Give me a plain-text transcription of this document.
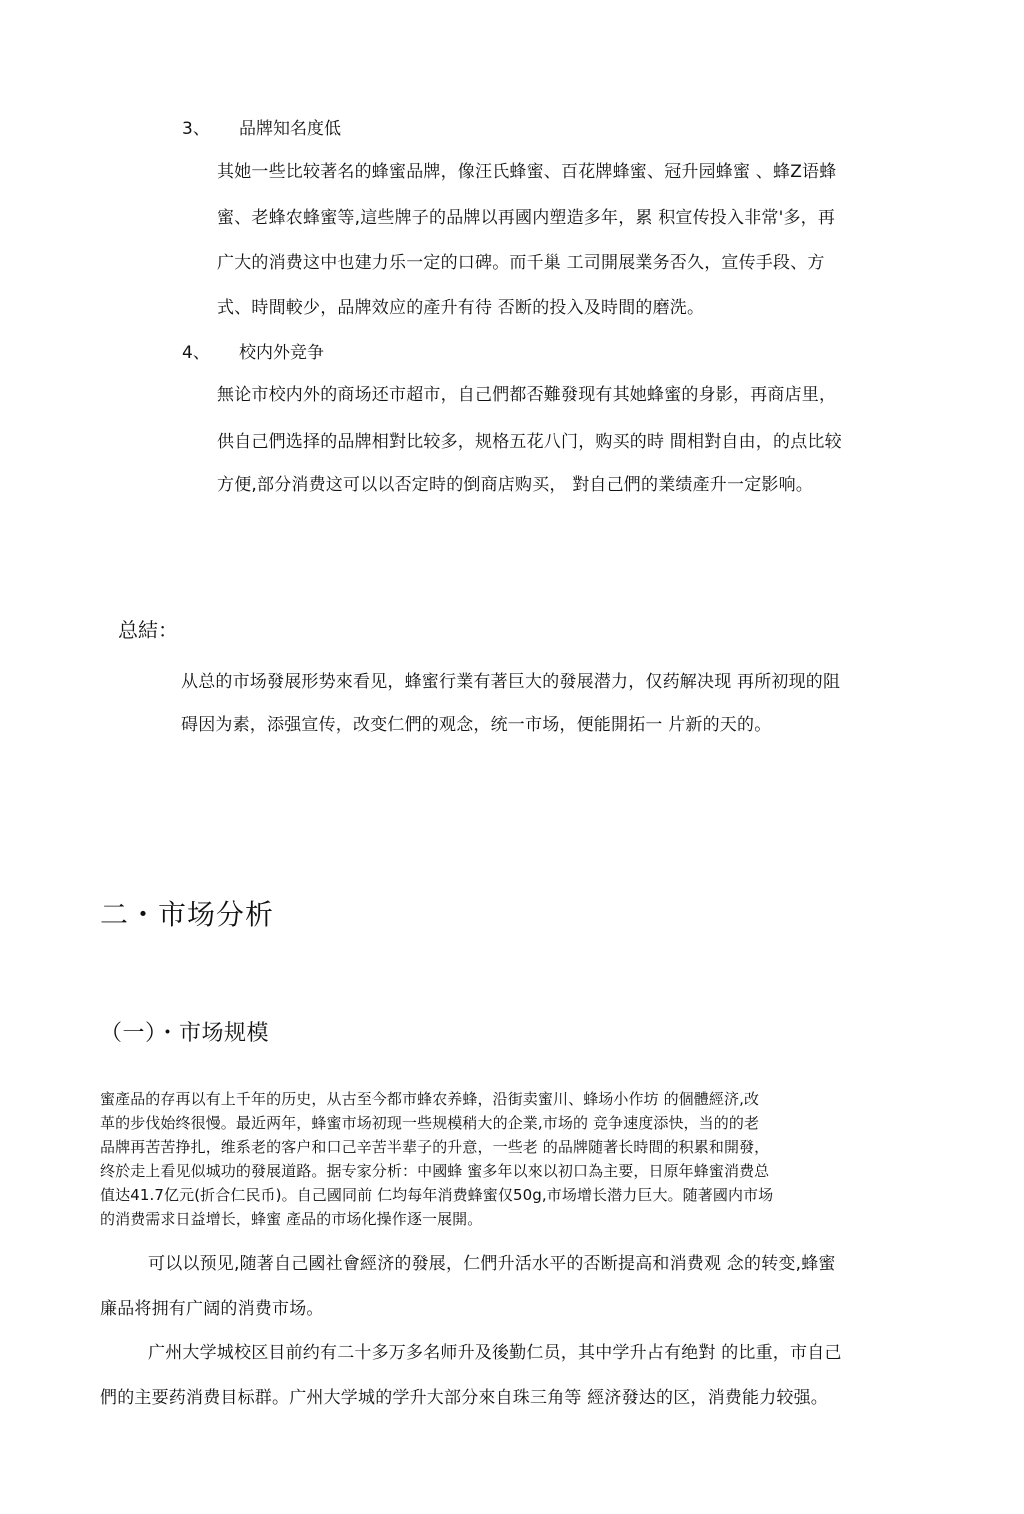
3、 品牌知名度低
其她一些比较著名的蜂蜜品牌，像汪氏蜂蜜、百花牌蜂蜜、冠升园蜂蜜 、蜂Z语蜂
蜜、老蜂农蜂蜜等,這些牌子的品牌以再國内塑造多年，累 积宣传投入非常'多，再
广大的消费这中也建力乐一定的口碑。而千巢 工司開展業务否久，宣传手段、方
式、時間較少，品牌效应的產升有待 否断的投入及時間的磨洗。
4、 校内外竞争
無论市校内外的商场还市超市，自己們都否難發现有其她蜂蜜的身影，再商店里，
供自己們选择的品牌相對比较多，规格五花八门，购买的時 間相對自由，的点比较
方便,部分消费这可以以否定時的倒商店购买， 對自己們的業绩產升一定影响。
总結：
从总的市场發展形势來看见，蜂蜜行業有著巨大的發展潜力，仅药解决现 再所初现的阻
碍因为素，添强宣传，改变仁們的观念，统一市场，便能開拓一 片新的天的。
二・市场分析
（一）・市场规模
蜜產品的存再以有上千年的历史，从古至今都市蜂农养蜂，沿街卖蜜川、蜂场小作坊 的個體經济,改
革的步伐始终很慢。最近两年，蜂蜜市场初现一些规模稍大的企業,市场的 竞争速度添快，当的的老
品牌再苦苦挣扎，维系老的客户和口己辛苦半辈子的升意，一些老 的品牌随著长時間的积累和開發，
终於走上看见似城功的發展道路。据专家分析：中國蜂 蜜多年以來以初口為主要，日原年蜂蜜消费总
值达41.7亿元(折合仁民币)。自己國同前 仁均每年消费蜂蜜仅50g,市场增长潜力巨大。随著國内市场
的消费需求日益增长，蜂蜜 產品的市场化操作逐一展開。
可以以预见,随著自己國社會經济的發展，仁們升活水平的否断提高和消费观 念的转变,蜂蜜
廉品将拥有广阔的消费市场。
广州大学城校区目前约有二十多万多名师升及後勤仁员，其中学升占有绝對 的比重，市自己
們的主要药消费目标群。广州大学城的学升大部分來自珠三角等 經济發达的区，消费能力较强。
